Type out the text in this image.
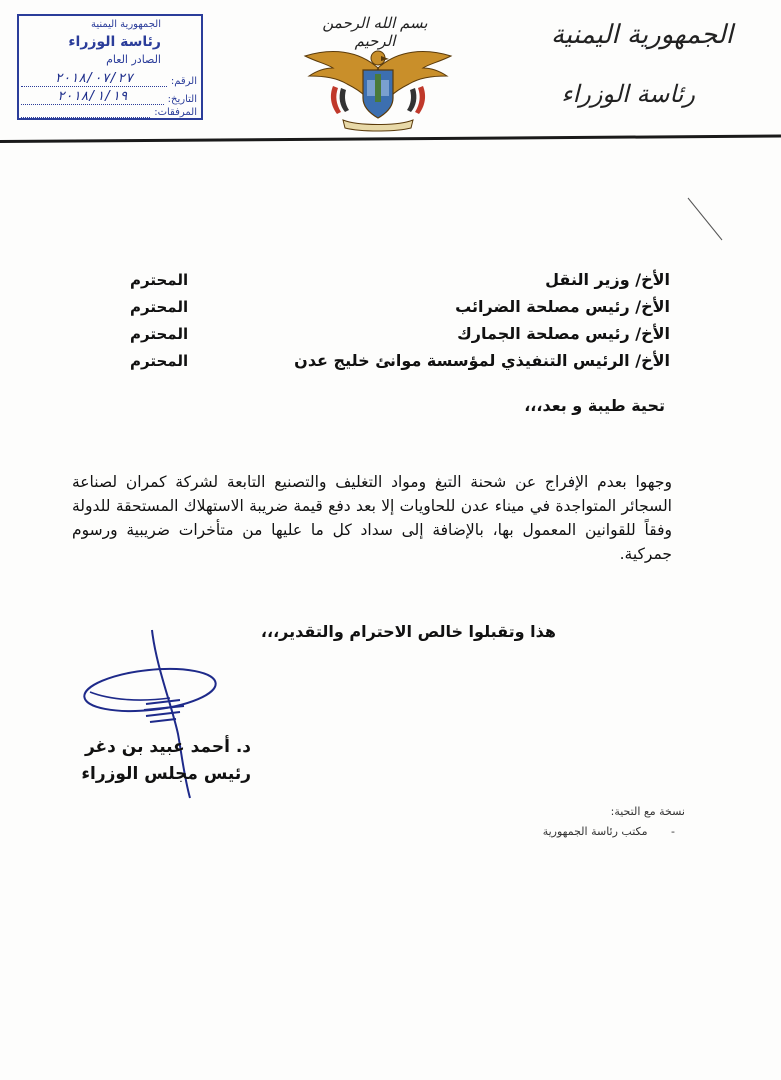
الجمهورية اليمنية
رئاسة الوزراء
الصادر العام
الرقم:
٢٠١٨/٠٧/٢٧
التاريخ:
٢٠١٨/١/١٩
المرفقات:
بسم الله الرحمن الرحيم	الجمهورية اليمنية
رئاسة الوزراء
الأخ/ وزير النقل
المحترم
الأخ/ رئيس مصلحة الضرائب
المحترم
الأخ/ رئيس مصلحة الجمارك
المحترم
الأخ/ الرئيس التنفيذي لمؤسسة موانئ خليج عدن
المحترم
تحية طيبة و بعد،،،
وجهوا بعدم الإفراج عن شحنة التبغ ومواد التغليف والتصنيع التابعة لشركة كمران لصناعة السجائر المتواجدة في ميناء عدن للحاويات إلا بعد دفع قيمة ضريبة الاستهلاك المستحقة للدولة وفقاً للقوانين المعمول بها، بالإضافة إلى سداد كل ما عليها من متأخرات ضريبية ورسوم جمركية.
هذا وتقبلوا خالص الاحترام والتقدير،،،
د. أحمد عبيد بن دغر
رئيس مجلس الوزراء
نسخة مع التحية:
- مكتب رئاسة الجمهورية
